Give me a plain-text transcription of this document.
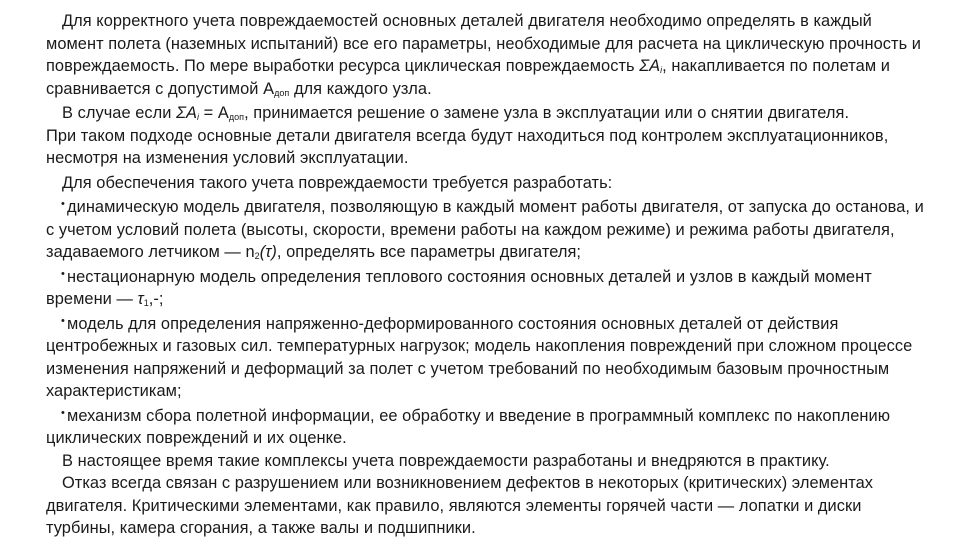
Для корректного учета повреждаемостей основных деталей двигателя необходимо определять в каждый момент полета (наземных испытаний) все его параметры, необходимые для расчета на циклическую прочность и повреждаемость. По мере выработки ресурса циклическая повреждаемость $\Sigma A_i$, накапливается по полетам и сравнивается с допустимой $А_{доп}$ для каждого узла.

В случае если $\Sigma A_i = А_{доп}$, принимается решение о замене узла в эксплуатации или о снятии двигателя.

При таком подходе основные детали двигателя всегда будут находиться под контролем эксплуатационников, несмотря на изменения условий эксплуатации.

Для обеспечения такого учета повреждаемости требуется разработать:

• динамическую модель двигателя, позволяющую в каждый момент работы двигателя, от запуска до останова, и с учетом условий полета (высоты, скорости, времени работы на каждом режиме) и режима работы двигателя, задаваемого летчиком — $n_2(\tau)$, определять все параметры двигателя;

• нестационарную модель определения теплового состояния основных деталей и узлов в каждый момент времени — $\tau_1,-$;

• модель для определения напряженно-деформированного состояния основных деталей от действия центробежных и газовых сил. температурных нагрузок; модель накопления повреждений при сложном процессе изменения напряжений и деформаций за полет с учетом требований по необходимым базовым прочностным характеристикам;

• механизм сбора полетной информации, ее обработку и введение в программный комплекс по накоплению циклических повреждений и их оценке.

В настоящее время такие комплексы учета повреждаемости разработаны и внедряются в практику.

Отказ всегда связан с разрушением или возникновением дефектов в некоторых (критических) элементах двигателя. Критическими элементами, как правило, являются элементы горячей части — лопатки и диски турбины, камера сгорания, а также валы и подшипники.
